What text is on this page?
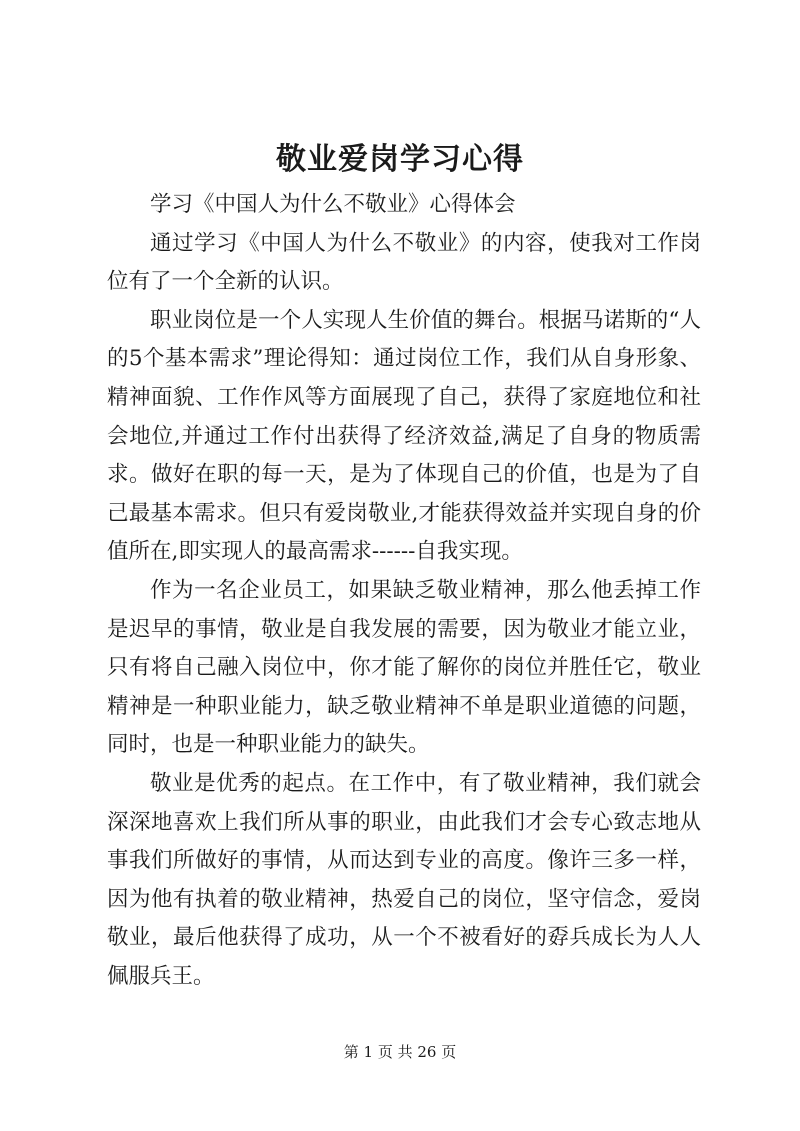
敬业爱岗学习心得

学习《中国人为什么不敬业》心得体会

通过学习《中国人为什么不敬业》的内容，使我对工作岗位有了一个全新的认识。

职业岗位是一个人实现人生价值的舞台。根据马诺斯的“人的5个基本需求”理论得知：通过岗位工作，我们从自身形象、精神面貌、工作作风等方面展现了自己，获得了家庭地位和社会地位,并通过工作付出获得了经济效益,满足了自身的物质需求。做好在职的每一天，是为了体现自己的价值，也是为了自己最基本需求。但只有爱岗敬业,才能获得效益并实现自身的价值所在,即实现人的最高需求------自我实现。

作为一名企业员工，如果缺乏敬业精神，那么他丢掉工作是迟早的事情，敬业是自我发展的需要，因为敬业才能立业，只有将自己融入岗位中，你才能了解你的岗位并胜任它，敬业精神是一种职业能力，缺乏敬业精神不单是职业道德的问题，同时，也是一种职业能力的缺失。

敬业是优秀的起点。在工作中，有了敬业精神，我们就会深深地喜欢上我们所从事的职业，由此我们才会专心致志地从事我们所做好的事情，从而达到专业的高度。像许三多一样，因为他有执着的敬业精神，热爱自己的岗位，坚守信念，爱岗敬业，最后他获得了成功，从一个不被看好的孬兵成长为人人佩服兵王。

第 1 页 共 26 页
